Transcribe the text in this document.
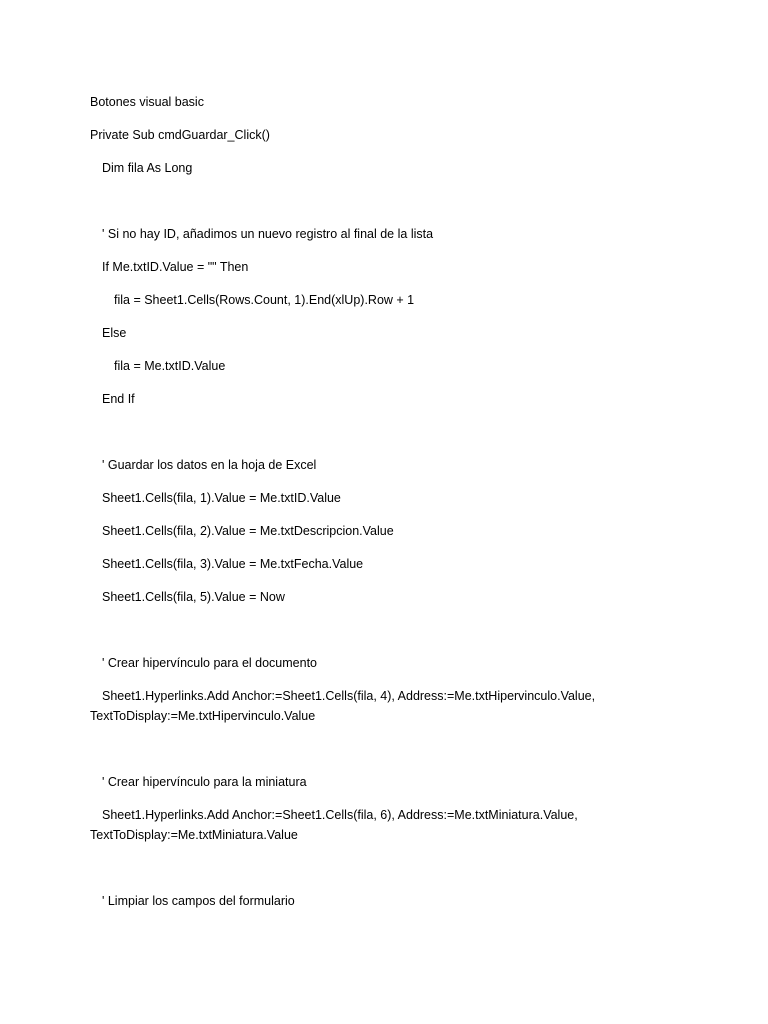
Botones visual basic

Private Sub cmdGuardar_Click()

Dim fila As Long

' Si no hay ID, añadimos un nuevo registro al final de la lista

If Me.txtID.Value = "" Then

fila = Sheet1.Cells(Rows.Count, 1).End(xlUp).Row + 1

Else

fila = Me.txtID.Value

End If

' Guardar los datos en la hoja de Excel

Sheet1.Cells(fila, 1).Value = Me.txtID.Value

Sheet1.Cells(fila, 2).Value = Me.txtDescripcion.Value

Sheet1.Cells(fila, 3).Value = Me.txtFecha.Value

Sheet1.Cells(fila, 5).Value = Now

' Crear hipervínculo para el documento

Sheet1.Hyperlinks.Add Anchor:=Sheet1.Cells(fila, 4), Address:=Me.txtHipervinculo.Value, TextToDisplay:=Me.txtHipervinculo.Value

' Crear hipervínculo para la miniatura

Sheet1.Hyperlinks.Add Anchor:=Sheet1.Cells(fila, 6), Address:=Me.txtMiniatura.Value, TextToDisplay:=Me.txtMiniatura.Value

' Limpiar los campos del formulario
